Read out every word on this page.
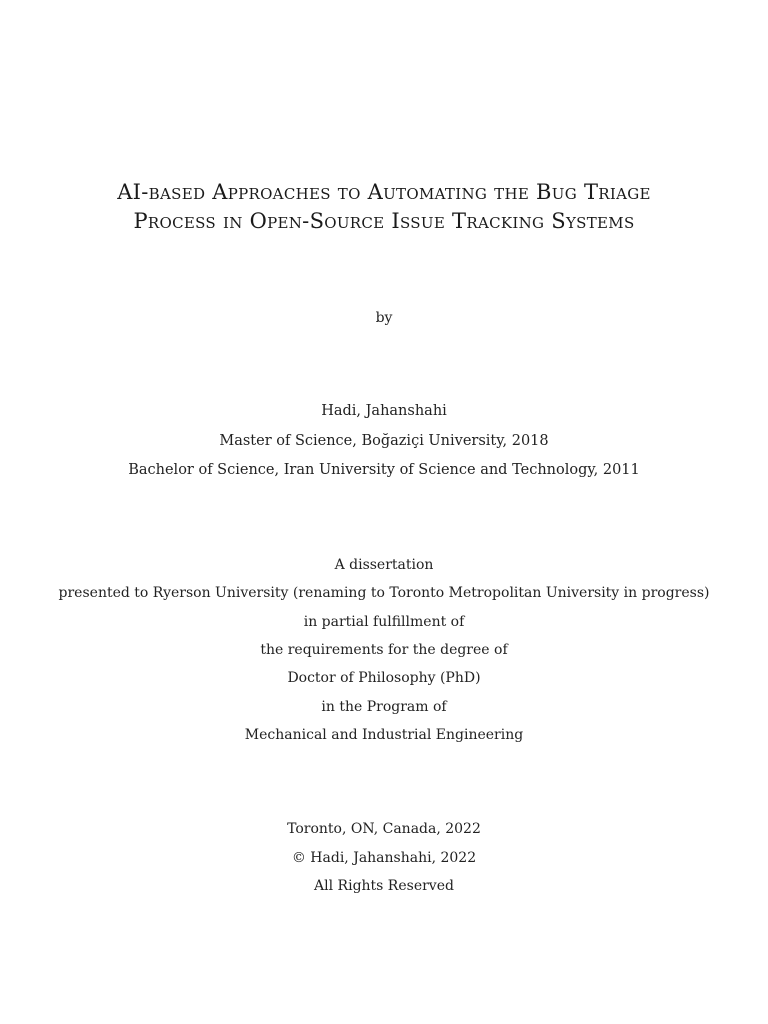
AI-based Approaches to Automating the Bug Triage
Process in Open-Source Issue Tracking Systems
by
Hadi, Jahanshahi
Master of Science, Boğaziçi University, 2018
Bachelor of Science, Iran University of Science and Technology, 2011
A dissertation
presented to Ryerson University (renaming to Toronto Metropolitan University in progress)
in partial fulfillment of
the requirements for the degree of
Doctor of Philosophy (PhD)
in the Program of
Mechanical and Industrial Engineering
Toronto, ON, Canada, 2022
© Hadi, Jahanshahi, 2022
All Rights Reserved
